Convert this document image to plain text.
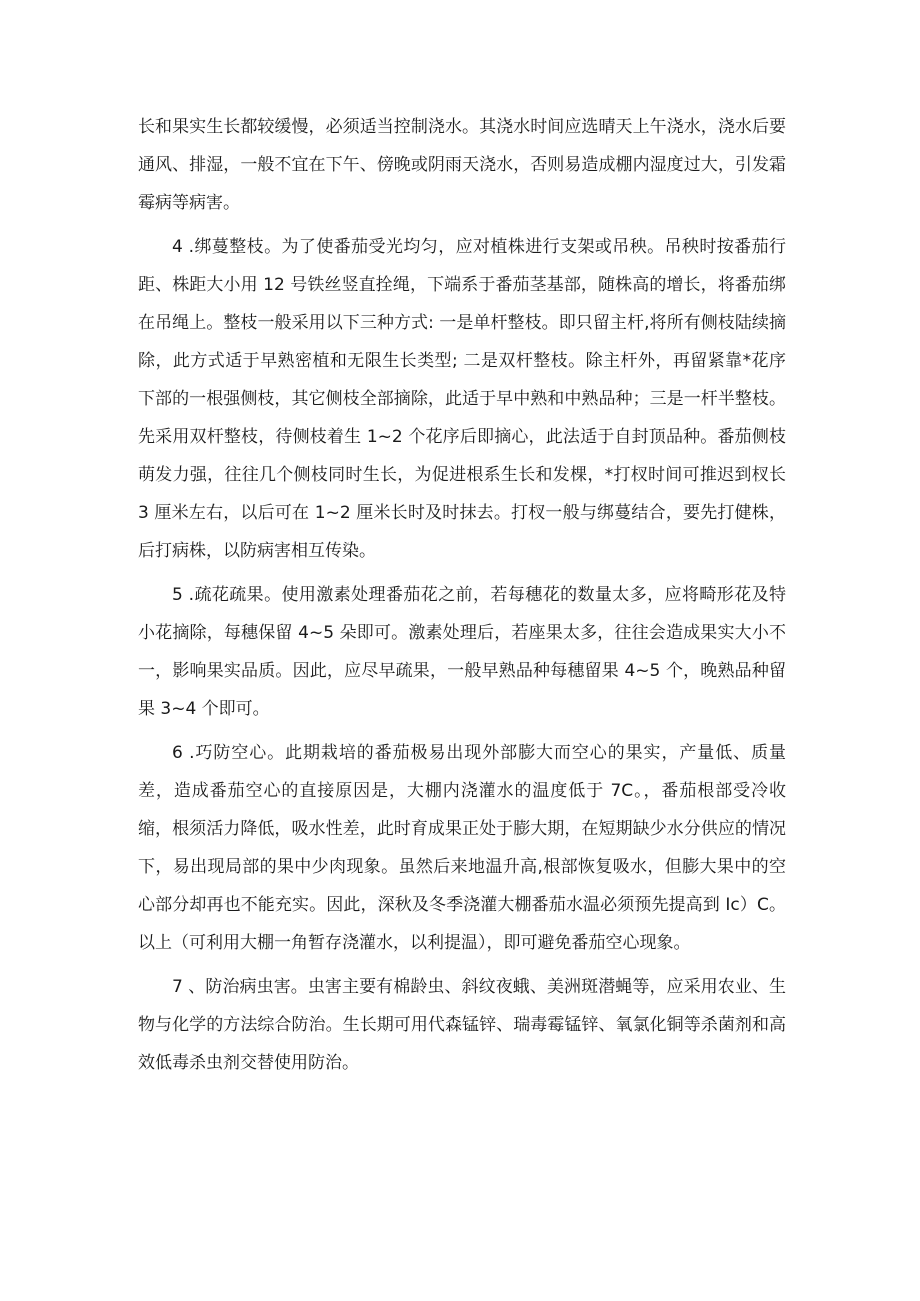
长和果实生长都较缓慢，必须适当控制浇水。其浇水时间应选晴天上午浇水，浇水后要通风、排湿，一般不宜在下午、傍晚或阴雨天浇水，否则易造成棚内湿度过大，引发霜霉病等病害。

4 .绑蔓整枝。为了使番茄受光均匀，应对植株进行支架或吊秧。吊秧时按番茄行距、株距大小用 12 号铁丝竖直拴绳，下端系于番茄茎基部，随株高的增长，将番茄绑在吊绳上。整枝一般采用以下三种方式: 一是单杆整枝。即只留主杆,将所有侧枝陆续摘除，此方式适于早熟密植和无限生长类型; 二是双杆整枝。除主杆外，再留紧靠*花序下部的一根强侧枝，其它侧枝全部摘除，此适于早中熟和中熟品种；三是一杆半整枝。先采用双杆整枝，待侧枝着生 1~2 个花序后即摘心，此法适于自封顶品种。番茄侧枝萌发力强，往往几个侧枝同时生长，为促进根系生长和发棵，*打杈时间可推迟到杈长 3 厘米左右，以后可在 1~2 厘米长时及时抹去。打杈一般与绑蔓结合，要先打健株，后打病株，以防病害相互传染。

5 .疏花疏果。使用激素处理番茄花之前，若每穗花的数量太多，应将畸形花及特小花摘除，每穗保留 4~5 朵即可。激素处理后，若座果太多，往往会造成果实大小不一，影响果实品质。因此，应尽早疏果，一般早熟品种每穗留果 4~5 个，晚熟品种留果 3~4 个即可。

6 .巧防空心。此期栽培的番茄极易出现外部膨大而空心的果实，产量低、质量差，造成番茄空心的直接原因是，大棚内浇灌水的温度低于 7C。，番茄根部受冷收缩，根须活力降低，吸水性差，此时育成果正处于膨大期，在短期缺少水分供应的情况下，易出现局部的果中少肉现象。虽然后来地温升高,根部恢复吸水，但膨大果中的空心部分却再也不能充实。因此，深秋及冬季浇灌大棚番茄水温必须预先提高到 Ic）C。以上（可利用大棚一角暂存浇灌水，以利提温），即可避免番茄空心现象。

7 、防治病虫害。虫害主要有棉龄虫、斜纹夜蛾、美洲斑潜蝇等，应采用农业、生物与化学的方法综合防治。生长期可用代森锰锌、瑞毒霉锰锌、氧氯化铜等杀菌剂和高效低毒杀虫剂交替使用防治。
